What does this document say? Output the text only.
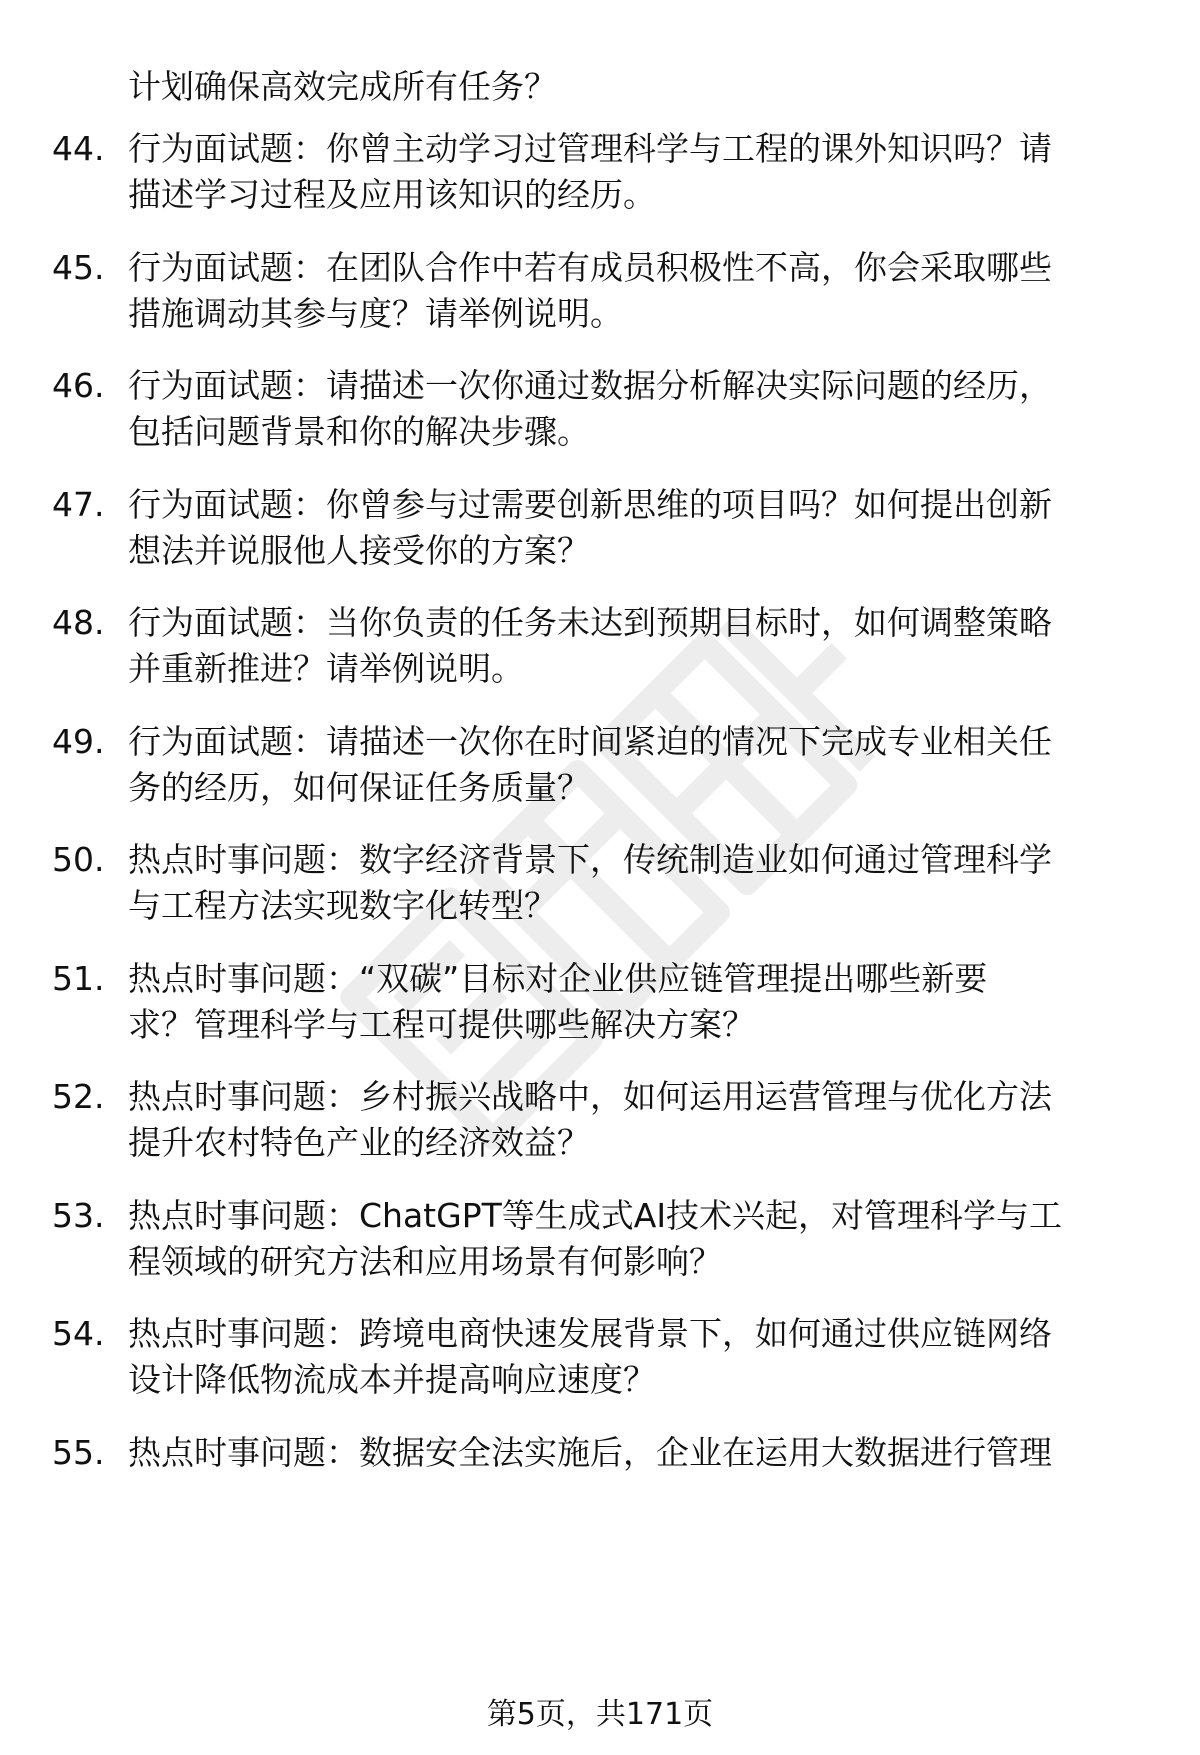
计划确保高效完成所有任务？
44. 行为面试题：你曾主动学习过管理科学与工程的课外知识吗？请
描述学习过程及应用该知识的经历。
45. 行为面试题：在团队合作中若有成员积极性不高，你会采取哪些
措施调动其参与度？请举例说明。
46. 行为面试题：请描述一次你通过数据分析解决实际问题的经历，
包括问题背景和你的解决步骤。
47. 行为面试题：你曾参与过需要创新思维的项目吗？如何提出创新
想法并说服他人接受你的方案？
48. 行为面试题：当你负责的任务未达到预期目标时，如何调整策略
并重新推进？请举例说明。
49. 行为面试题：请描述一次你在时间紧迫的情况下完成专业相关任
务的经历，如何保证任务质量？
50. 热点时事问题：数字经济背景下，传统制造业如何通过管理科学
与工程方法实现数字化转型？
51. 热点时事问题：“双碳”目标对企业供应链管理提出哪些新要
求？管理科学与工程可提供哪些解决方案？
52. 热点时事问题：乡村振兴战略中，如何运用运营管理与优化方法
提升农村特色产业的经济效益？
53. 热点时事问题：ChatGPT等生成式AI技术兴起，对管理科学与工
程领域的研究方法和应用场景有何影响？
54. 热点时事问题：跨境电商快速发展背景下，如何通过供应链网络
设计降低物流成本并提高响应速度？
55. 热点时事问题：数据安全法实施后，企业在运用大数据进行管理
第5页，共171页
